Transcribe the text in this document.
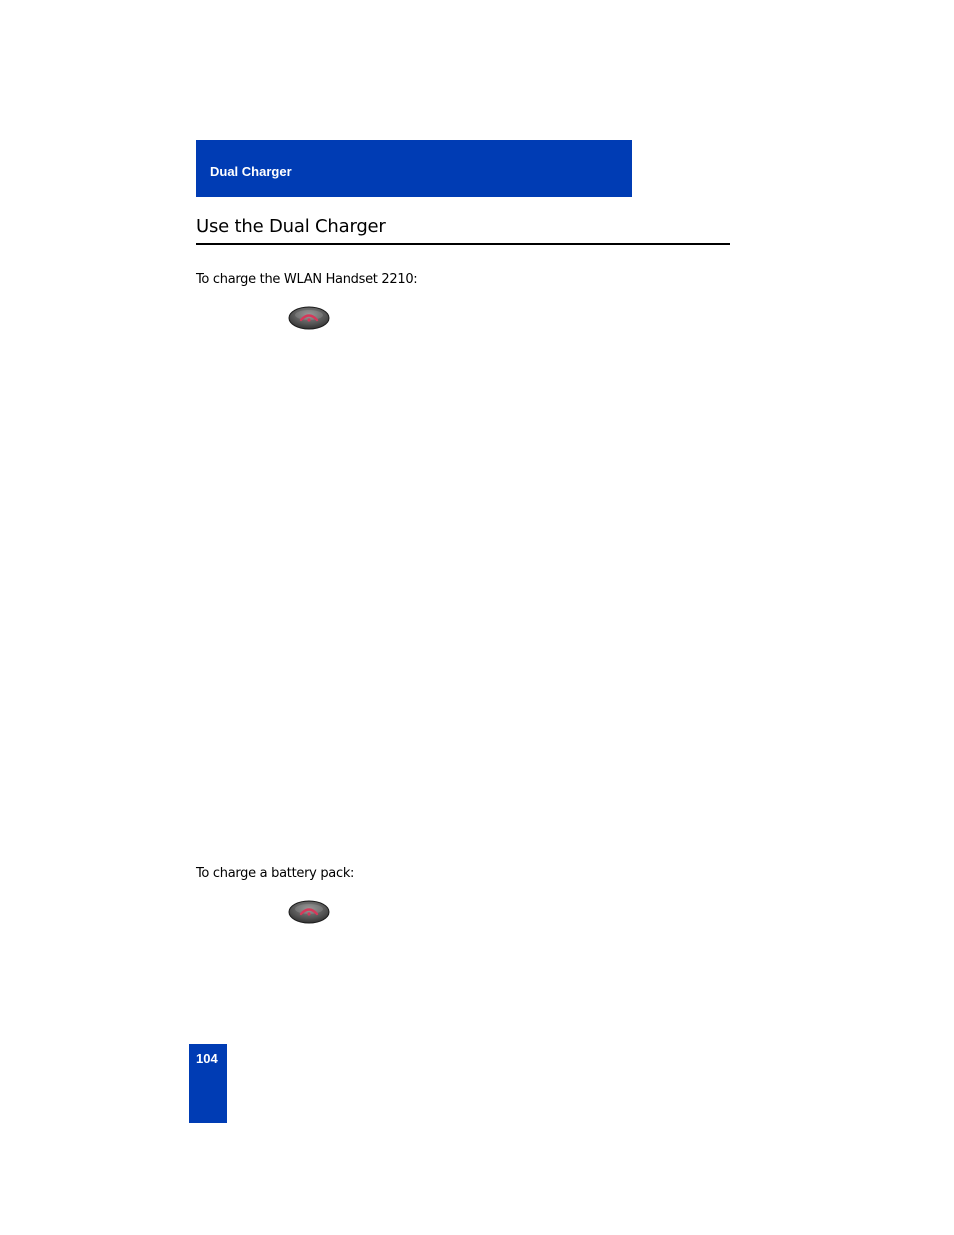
Dual Charger
Use the Dual Charger
To charge the WLAN Handset 2210:
To charge a battery pack:
104
